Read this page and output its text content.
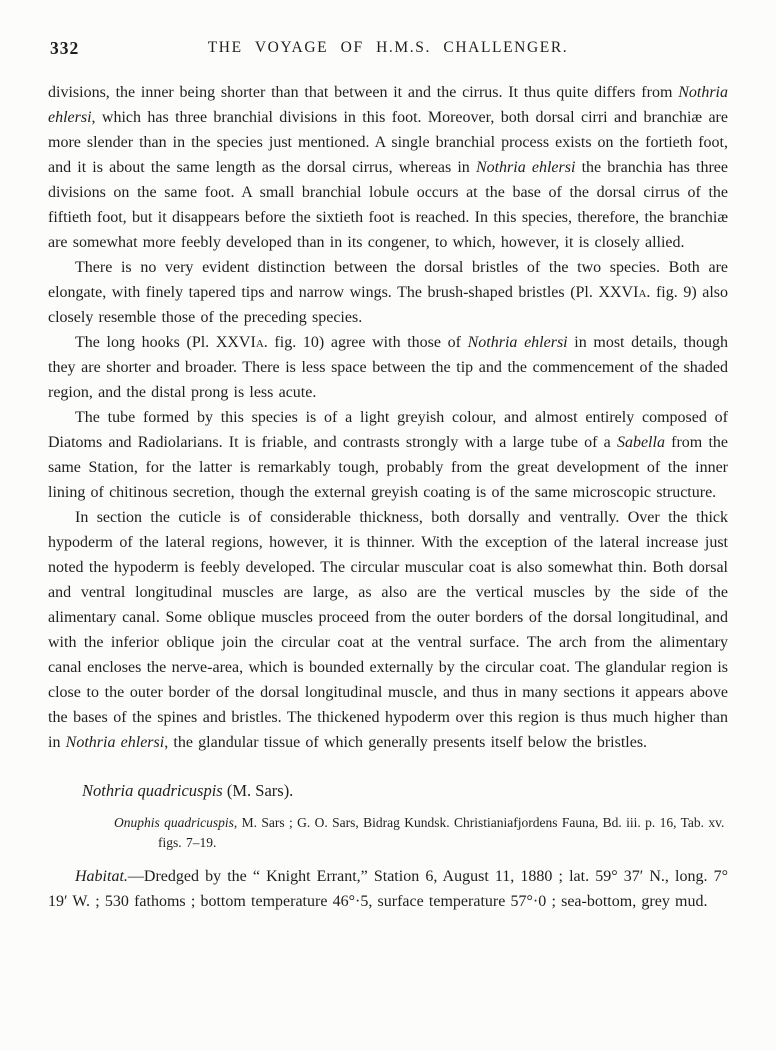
332	THE VOYAGE OF H.M.S. CHALLENGER.

divisions, the inner being shorter than that between it and the cirrus. It thus quite differs from Nothria ehlersi, which has three branchial divisions in this foot. Moreover, both dorsal cirri and branchiæ are more slender than in the species just mentioned. A single branchial process exists on the fortieth foot, and it is about the same length as the dorsal cirrus, whereas in Nothria ehlersi the branchia has three divisions on the same foot. A small branchial lobule occurs at the base of the dorsal cirrus of the fiftieth foot, but it disappears before the sixtieth foot is reached. In this species, therefore, the branchiæ are somewhat more feebly developed than in its congener, to which, however, it is closely allied.

There is no very evident distinction between the dorsal bristles of the two species. Both are elongate, with finely tapered tips and narrow wings. The brush-shaped bristles (Pl. XXVIa. fig. 9) also closely resemble those of the preceding species.

The long hooks (Pl. XXVIa. fig. 10) agree with those of Nothria ehlersi in most details, though they are shorter and broader. There is less space between the tip and the commencement of the shaded region, and the distal prong is less acute.

The tube formed by this species is of a light greyish colour, and almost entirely composed of Diatoms and Radiolarians. It is friable, and contrasts strongly with a large tube of a Sabella from the same Station, for the latter is remarkably tough, probably from the great development of the inner lining of chitinous secretion, though the external greyish coating is of the same microscopic structure.

In section the cuticle is of considerable thickness, both dorsally and ventrally. Over the thick hypoderm of the lateral regions, however, it is thinner. With the exception of the lateral increase just noted the hypoderm is feebly developed. The circular muscular coat is also somewhat thin. Both dorsal and ventral longitudinal muscles are large, as also are the vertical muscles by the side of the alimentary canal. Some oblique muscles proceed from the outer borders of the dorsal longitudinal, and with the inferior oblique join the circular coat at the ventral surface. The arch from the alimentary canal encloses the nerve-area, which is bounded externally by the circular coat. The glandular region is close to the outer border of the dorsal longitudinal muscle, and thus in many sections it appears above the bases of the spines and bristles. The thickened hypoderm over this region is thus much higher than in Nothria ehlersi, the glandular tissue of which generally presents itself below the bristles.

Nothria quadricuspis (M. Sars).

Onuphis quadricuspis, M. Sars ; G. O. Sars, Bidrag Kundsk. Christianiafjordens Fauna, Bd. iii. p. 16, Tab. xv. figs. 7–19.

Habitat.—Dredged by the “ Knight Errant,” Station 6, August 11, 1880 ; lat. 59° 37′ N., long. 7° 19′ W. ; 530 fathoms ; bottom temperature 46°·5, surface temperature 57°·0 ; sea-bottom, grey mud.
